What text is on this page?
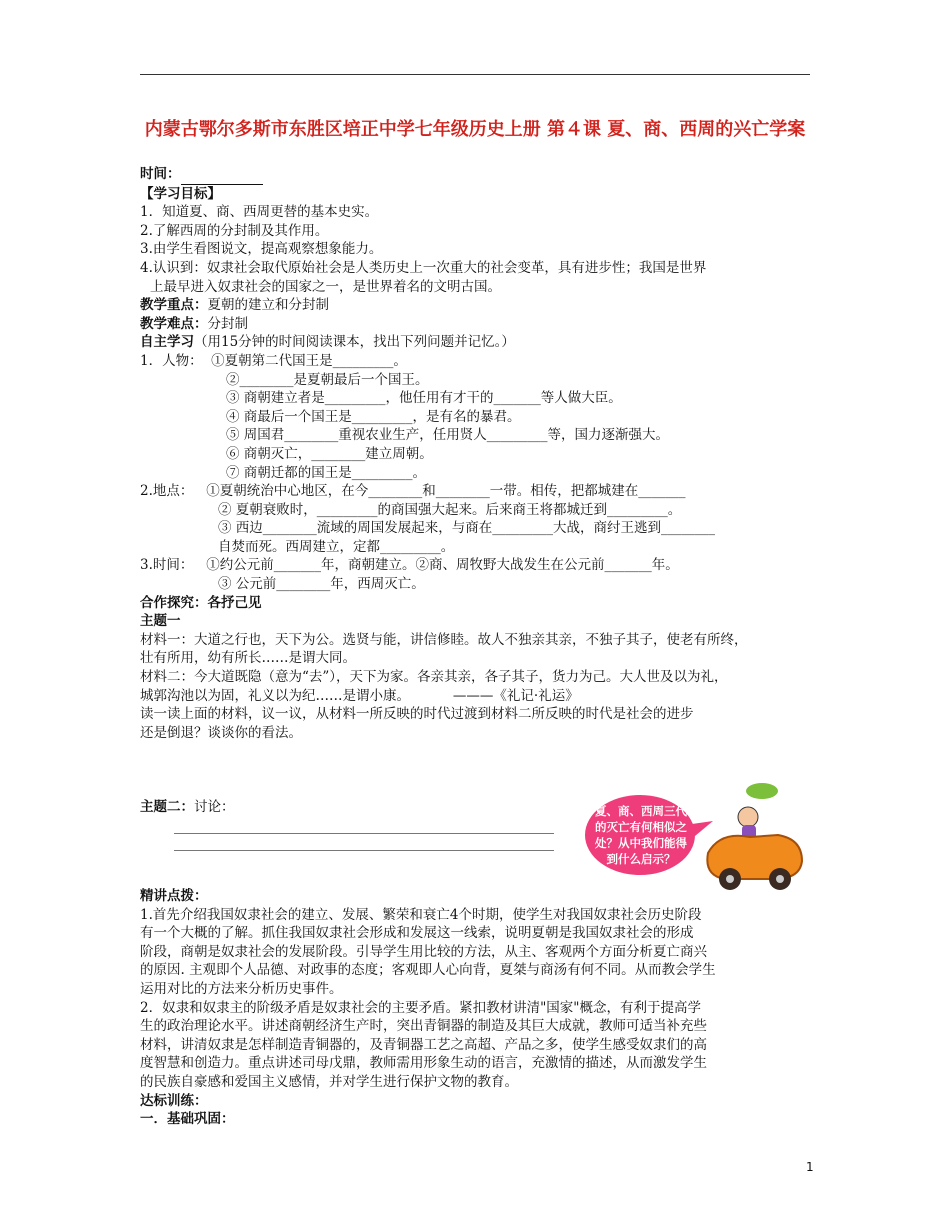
内蒙古鄂尔多斯市东胜区培正中学七年级历史上册 第４课 夏、商、西周的兴亡学案
时间：
【学习目标】
1．知道夏、商、西周更替的基本史实。
2.了解西周的分封制及其作用。
3.由学生看图说文，提高观察想象能力。
4.认识到：奴隶社会取代原始社会是人类历史上一次重大的社会变革，具有进步性；我国是世界
上最早进入奴隶社会的国家之一，是世界着名的文明古国。
教学重点：夏朝的建立和分封制
教学难点：分封制
自主学习（用15分钟的时间阅读课本，找出下列问题并记忆。）
1．人物：  ①夏朝第二代国王是_________。
②________是夏朝最后一个国王。
③ 商朝建立者是_________，他任用有才干的_______等人做大臣。
④ 商最后一个国王是_________，是有名的暴君。
⑤ 周国君________重视农业生产，任用贤人_________等，国力逐渐强大。
⑥ 商朝灭亡，________建立周朝。
⑦ 商朝迁都的国王是_________。
2.地点：   ①夏朝统治中心地区，在今________和________一带。相传，把都城建在_______
② 夏朝衰败时，_________的商国强大起来。后来商王将都城迁到_________。
③ 西边________流域的周国发展起来，与商在_________大战，商纣王逃到________
自焚而死。西周建立，定都_________。
3.时间：   ①约公元前_______年，商朝建立。②商、周牧野大战发生在公元前_______年。
③ 公元前________年，西周灭亡。
合作探究：各抒己见
主题一
材料一：大道之行也，天下为公。选贤与能，讲信修睦。故人不独亲其亲，不独子其子，使老有所终，
壮有所用，幼有所长……是谓大同。
材料二：今大道既隐（意为“去”），天下为家。各亲其亲，各子其子，货力为己。大人世及以为礼，
城郭沟池以为固，礼义以为纪……是谓小康。          ———《礼记·礼运》
读一读上面的材料，议一议，从材料一所反映的时代过渡到材料二所反映的时代是社会的进步
还是倒退？谈谈你的看法。
主题二：讨论：
精讲点拨：
1.首先介绍我国奴隶社会的建立、发展、繁荣和衰亡4个时期，使学生对我国奴隶社会历史阶段
有一个大概的了解。抓住我国奴隶社会形成和发展这一线索，说明夏朝是我国奴隶社会的形成
阶段，商朝是奴隶社会的发展阶段。引导学生用比较的方法，从主、客观两个方面分析夏亡商兴
的原因. 主观即个人品德、对政事的态度；客观即人心向背，夏桀与商汤有何不同。从而教会学生
运用对比的方法来分析历史事件。
2．奴隶和奴隶主的阶级矛盾是奴隶社会的主要矛盾。紧扣教材讲清"国家"概念，有利于提高学
生的政治理论水平。讲述商朝经济生产时，突出青铜器的制造及其巨大成就，教师可适当补充些
材料，讲清奴隶是怎样制造青铜器的，及青铜器工艺之高超、产品之多，使学生感受奴隶们的高
度智慧和创造力。重点讲述司母戊鼎，教师需用形象生动的语言，充激情的描述，从而激发学生
的民族自豪感和爱国主义感情，并对学生进行保护文物的教育。
达标训练：
一．基础巩固：
夏、商、西周三代的灭亡有何相似之处？从中我们能得到什么启示？
1
